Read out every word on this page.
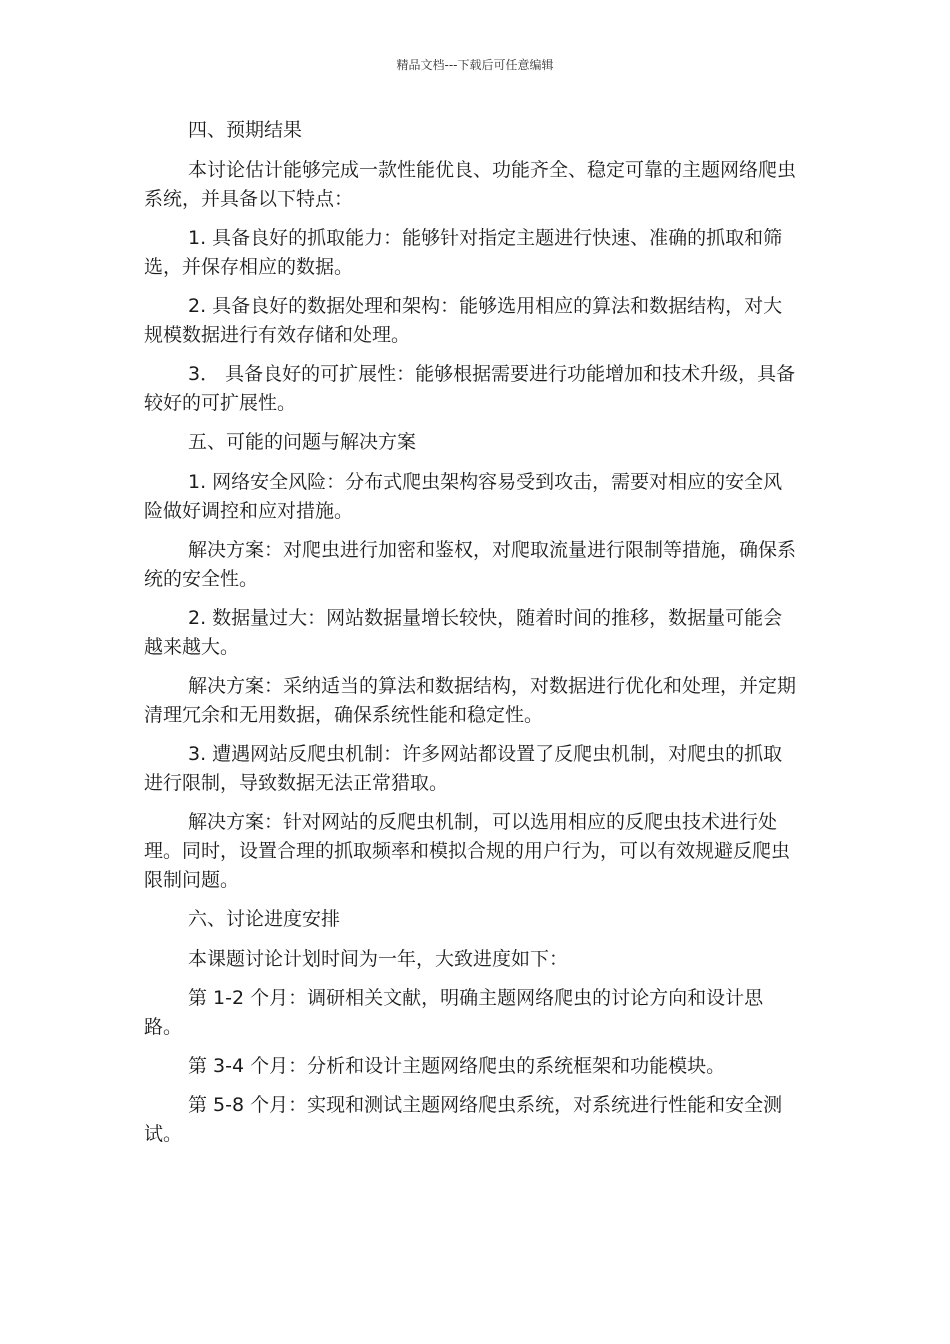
精品文档---下载后可任意编辑

四、预期结果

本讨论估计能够完成一款性能优良、功能齐全、稳定可靠的主题网络爬虫系统，并具备以下特点：

1. 具备良好的抓取能力：能够针对指定主题进行快速、准确的抓取和筛选，并保存相应的数据。

2. 具备良好的数据处理和架构：能够选用相应的算法和数据结构，对大规模数据进行有效存储和处理。

3． 具备良好的可扩展性：能够根据需要进行功能增加和技术升级，具备较好的可扩展性。

五、可能的问题与解决方案

1. 网络安全风险：分布式爬虫架构容易受到攻击，需要对相应的安全风险做好调控和应对措施。

解决方案：对爬虫进行加密和鉴权，对爬取流量进行限制等措施，确保系统的安全性。

2. 数据量过大：网站数据量增长较快，随着时间的推移，数据量可能会越来越大。

解决方案：采纳适当的算法和数据结构，对数据进行优化和处理，并定期清理冗余和无用数据，确保系统性能和稳定性。

3. 遭遇网站反爬虫机制：许多网站都设置了反爬虫机制，对爬虫的抓取进行限制，导致数据无法正常猎取。

解决方案：针对网站的反爬虫机制，可以选用相应的反爬虫技术进行处理。同时，设置合理的抓取频率和模拟合规的用户行为，可以有效规避反爬虫限制问题。

六、讨论进度安排

本课题讨论计划时间为一年，大致进度如下：

第 1-2 个月：调研相关文献，明确主题网络爬虫的讨论方向和设计思路。

第 3-4 个月：分析和设计主题网络爬虫的系统框架和功能模块。

第 5-8 个月：实现和测试主题网络爬虫系统，对系统进行性能和安全测试。
